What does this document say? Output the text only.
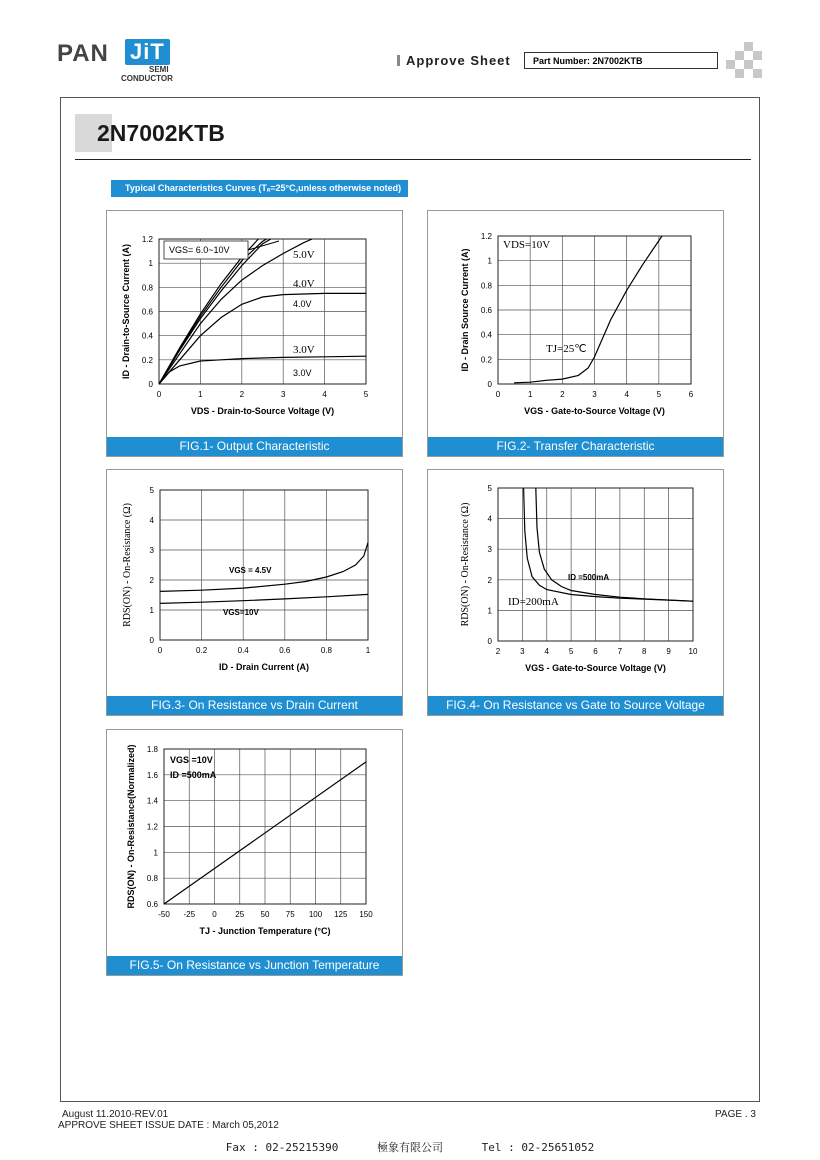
PAN JiT
SEMI
CONDUCTOR
Approve Sheet	Part Number: 2N7002KTB
2N7002KTB
Typical Characteristics Curves (Tₐ=25°C,unless otherwise noted)
0	1	2	3	4	5
0
0.2
0.4
0.6
0.8
1
1.2
VDS - Drain-to-Source Voltage (V)
ID - Drain-to-Source Current (A)	5.0V
4.0V
4.0V
3.0V
3.0V
VGS= 6.0~10V
FIG.1- Output Characteristic
0	1	2	3	4	5	6
0
0.2
0.4
0.6
0.8
1
1.2
VGS - Gate-to-Source Voltage (V)
ID - Drain Source Current (A)
VDS=10V
TJ=25℃
FIG.2- Transfer Characteristic
0	0.2	0.4	0.6	0.8	1
0
1
2
3
4
5
ID - Drain Current (A)
RDS(ON) - On-Resistance (Ω)	VGS = 4.5V
VGS=10V
FIG.3- On Resistance vs Drain Current
2 3 4 5 6 7 8 9 10
0
1
2
3
4
5
VGS - Gate-to-Source Voltage (V)
RDS(ON) - On-Resistance (Ω)	ID =500mA
ID=200mA
FIG.4- On Resistance vs Gate to Source Voltage
-50 -25 0 25 50 75 100 125 150
0.6
0.8
1
1.2
1.4
1.6
1.8
TJ - Junction Temperature (°C)
RDS(ON) - On-Resistance(Normalized)	VGS =10V
ID =500mA
FIG.5- On Resistance vs Junction Temperature
August 11.2010-REV.01
APPROVE SHEET ISSUE DATE : March 05,2012
PAGE . 3
Fax : 02-25215390	極象有限公司	Tel : 02-25651052
